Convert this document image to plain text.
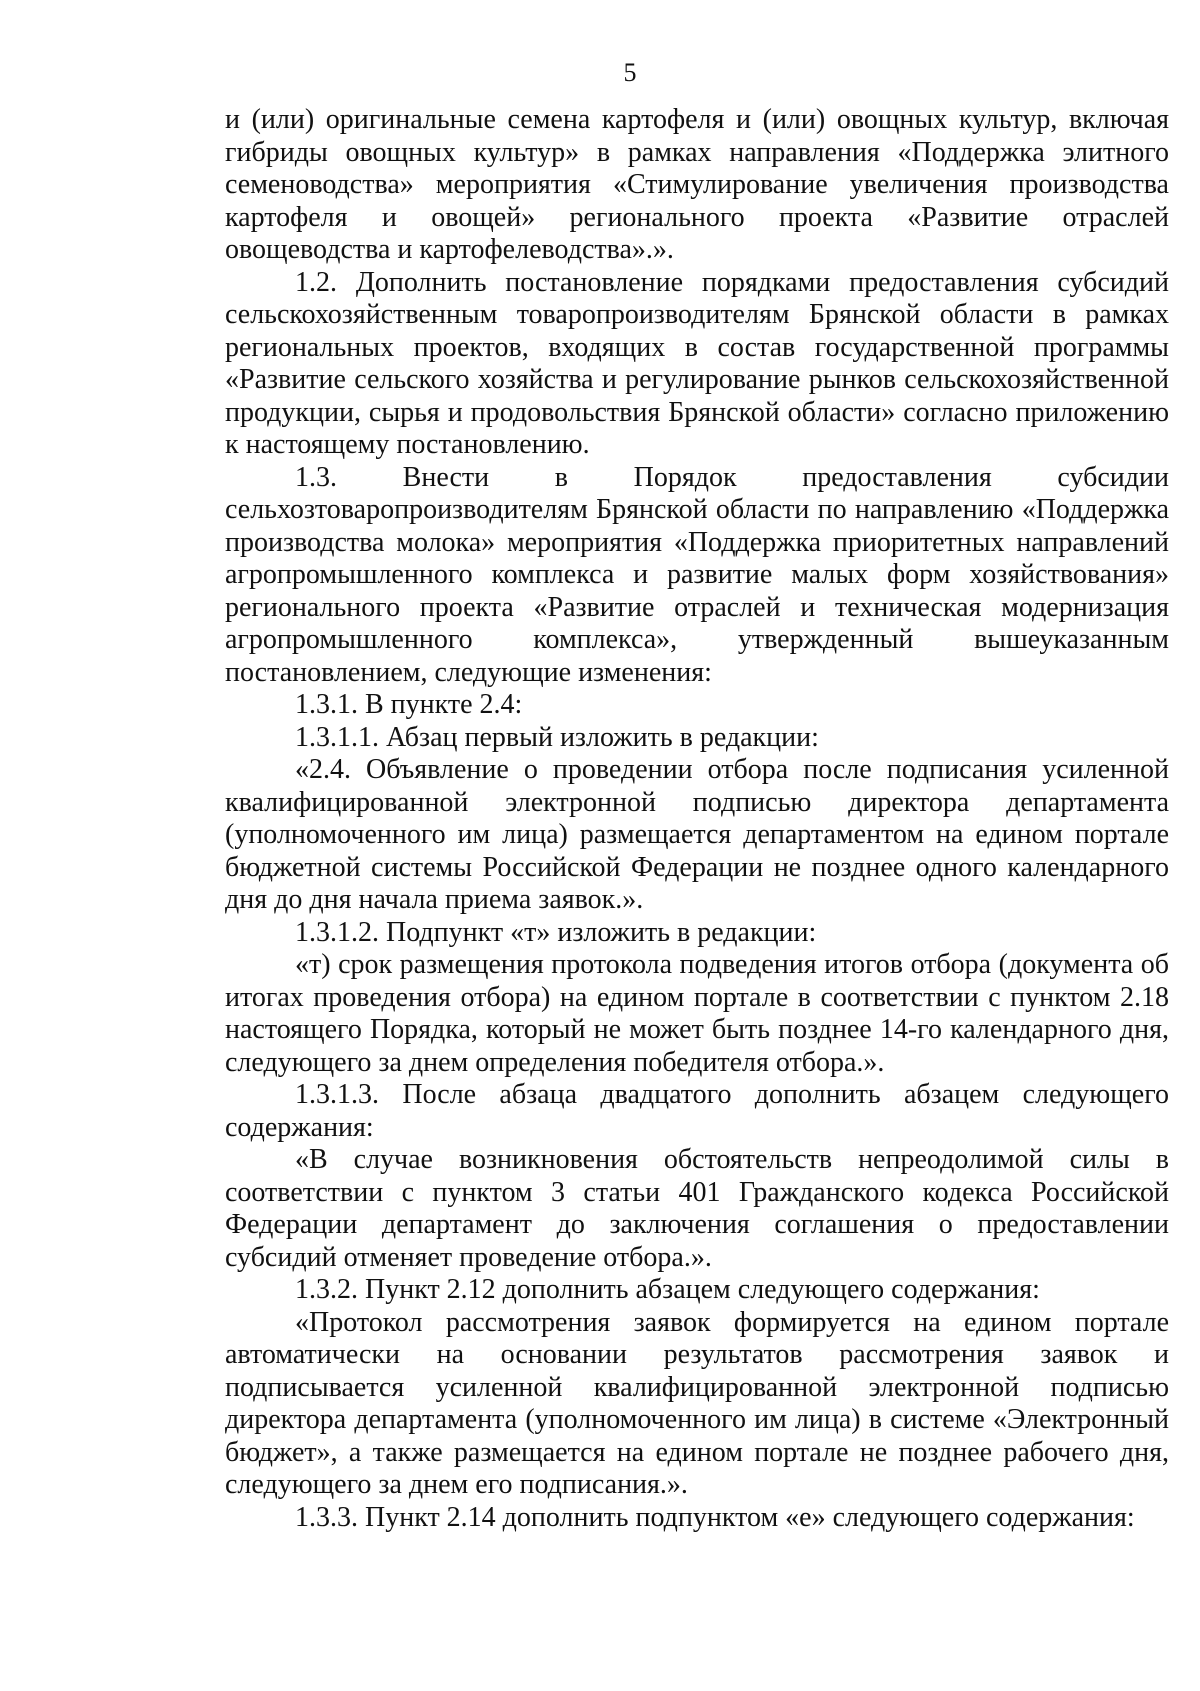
5

и (или) оригинальные семена картофеля и (или) овощных культур, включая гибриды овощных культур» в рамках направления «Поддержка элитного семеноводства» мероприятия «Стимулирование увеличения производства картофеля и овощей» регионального проекта «Развитие отраслей овощеводства и картофелеводства».».

1.2. Дополнить постановление порядками предоставления субсидий сельскохозяйственным товаропроизводителям Брянской области в рамках региональных проектов, входящих в состав государственной программы «Развитие сельского хозяйства и регулирование рынков сельскохозяйственной продукции, сырья и продовольствия Брянской области» согласно приложению к настоящему постановлению.

1.3. Внести в Порядок предоставления субсидии сельхозтоваропроизводителям Брянской области по направлению «Поддержка производства молока» мероприятия «Поддержка приоритетных направлений агропромышленного комплекса и развитие малых форм хозяйствования» регионального проекта «Развитие отраслей и техническая модернизация агропромышленного комплекса», утвержденный вышеуказанным постановлением, следующие изменения:

1.3.1. В пункте 2.4:

1.3.1.1. Абзац первый изложить в редакции:

«2.4. Объявление о проведении отбора после подписания усиленной квалифицированной электронной подписью директора департамента (уполномоченного им лица) размещается департаментом на едином портале бюджетной системы Российской Федерации не позднее одного календарного дня до дня начала приема заявок.».

1.3.1.2. Подпункт «т» изложить в редакции:

«т) срок размещения протокола подведения итогов отбора (документа об итогах проведения отбора) на едином портале в соответствии с пунктом 2.18 настоящего Порядка, который не может быть позднее 14-го календарного дня, следующего за днем определения победителя отбора.».

1.3.1.3. После абзаца двадцатого дополнить абзацем следующего содержания:

«В случае возникновения обстоятельств непреодолимой силы в соответствии с пунктом 3 статьи 401 Гражданского кодекса Российской Федерации департамент до заключения соглашения о предоставлении субсидий отменяет проведение отбора.».

1.3.2. Пункт 2.12 дополнить абзацем следующего содержания:

«Протокол рассмотрения заявок формируется на едином портале автоматически на основании результатов рассмотрения заявок и подписывается усиленной квалифицированной электронной подписью директора департамента (уполномоченного им лица) в системе «Электронный бюджет», а также размещается на едином портале не позднее рабочего дня, следующего за днем его подписания.».

1.3.3. Пункт 2.14 дополнить подпунктом «е» следующего содержания:
